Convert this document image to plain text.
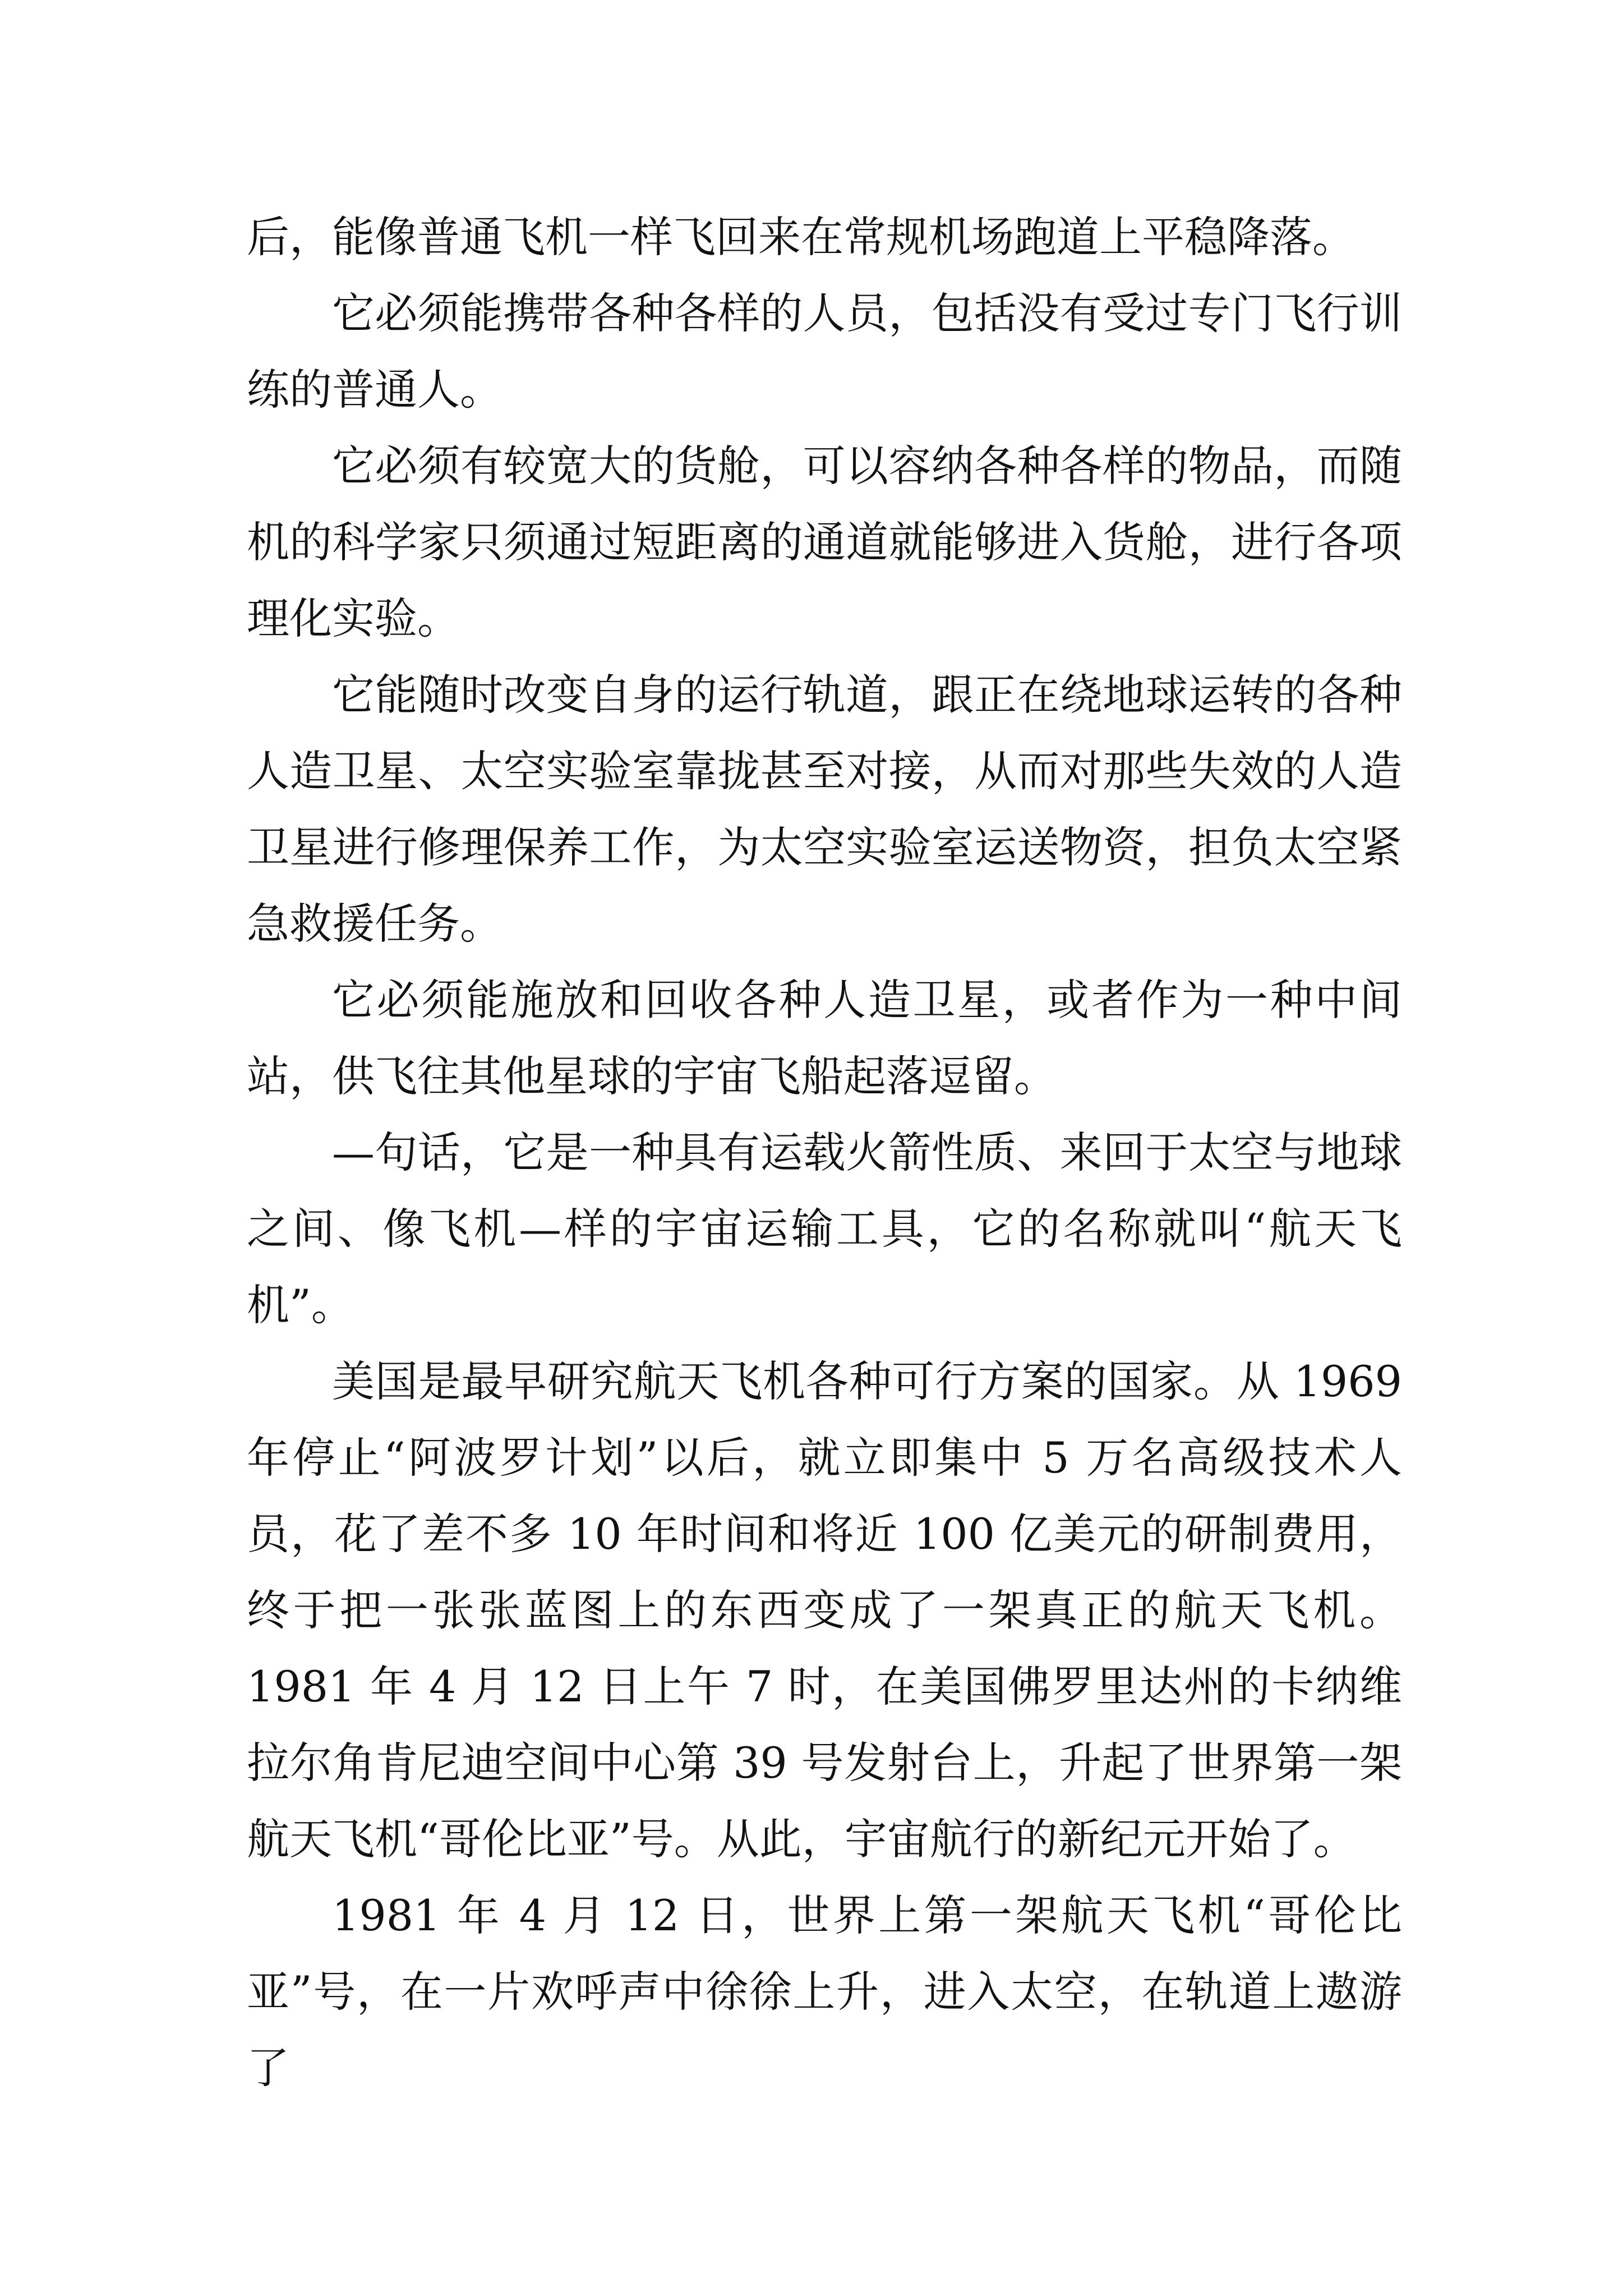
后，能像普通飞机一样飞回来在常规机场跑道上平稳降落。

它必须能携带各种各样的人员，包括没有受过专门飞行训练的普通人。

它必须有较宽大的货舱，可以容纳各种各样的物品，而随机的科学家只须通过短距离的通道就能够进入货舱，进行各项理化实验。

它能随时改变自身的运行轨道，跟正在绕地球运转的各种人造卫星、太空实验室靠拢甚至对接，从而对那些失效的人造卫星进行修理保养工作，为太空实验室运送物资，担负太空紧急救援任务。

它必须能施放和回收各种人造卫星，或者作为一种中间站，供飞往其他星球的宇宙飞船起落逗留。

—句话，它是一种具有运载火箭性质、来回于太空与地球之间、像飞机—样的宇宙运输工具，它的名称就叫“航天飞机”。

美国是最早研究航天飞机各种可行方案的国家。从 1969 年停止“阿波罗计划”以后，就立即集中 5 万名高级技术人员，花了差不多 10 年时间和将近 100 亿美元的研制费用，终于把一张张蓝图上的东西变成了一架真正的航天飞机。1981 年 4 月 12 日上午 7 时，在美国佛罗里达州的卡纳维拉尔角肯尼迪空间中心第 39 号发射台上，升起了世界第一架航天飞机“哥伦比亚”号。从此，宇宙航行的新纪元开始了。

1981 年 4 月 12 日，世界上第一架航天飞机“哥伦比亚”号，在一片欢呼声中徐徐上升，进入太空，在轨道上遨游了
